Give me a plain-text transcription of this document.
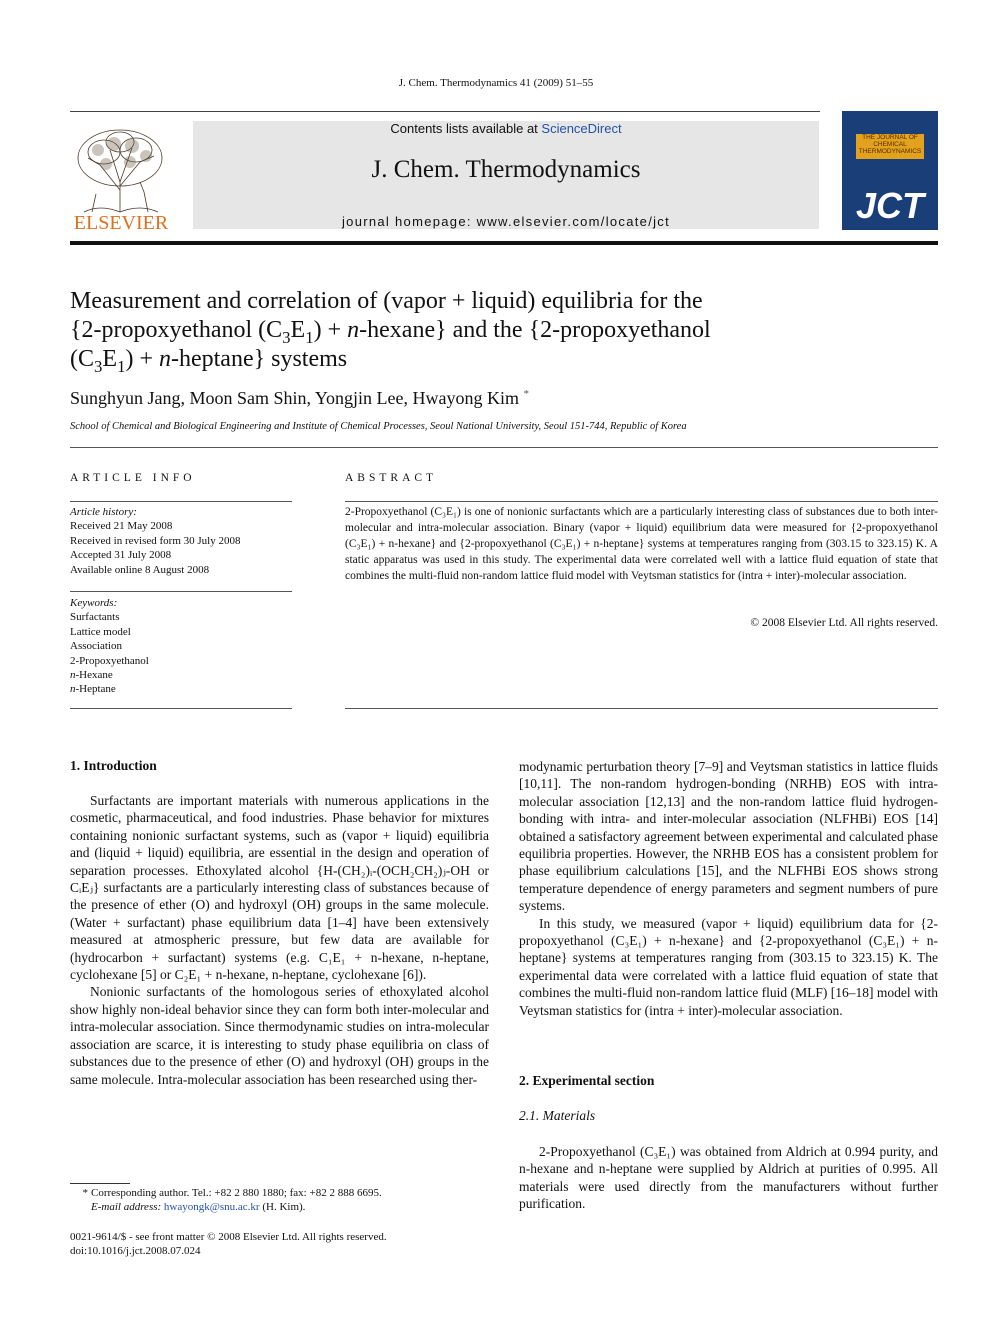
J. Chem. Thermodynamics 41 (2009) 51–55
ELSEVIER
Contents lists available at ScienceDirect
J. Chem. Thermodynamics
journal homepage: www.elsevier.com/locate/jct
THE JOURNAL OF CHEMICAL THERMODYNAMICS
JCT
Measurement and correlation of (vapor + liquid) equilibria for the
{2-propoxyethanol $(C_3E_1)$ + n-hexane} and the {2-propoxyethanol
$(C_3E_1) + n-heptane$} systems
Sunghyun Jang, Moon Sam Shin, Yongjin Lee, Hwayong Kim *
School of Chemical and Biological Engineering and Institute of Chemical Processes, Seoul National University, Seoul 151-744, Republic of Korea
ARTICLE INFO	ABSTRACT
Article history:
Received 21 May 2008
Received in revised form 30 July 2008
Accepted 31 July 2008
Available online 8 August 2008
Keywords:
Surfactants
Lattice model
Association
2-Propoxyethanol
n-Hexane
n-Heptane
2-Propoxyethanol (C₃E₁) is one of nonionic surfactants which are a particularly interesting class of substances due to both inter-molecular and intra-molecular association. Binary (vapor + liquid) equilibrium data were measured for {2-propoxyethanol (C₃E₁) + n-hexane} and {2-propoxyethanol (C₃E₁) + n-heptane} systems at temperatures ranging from (303.15 to 323.15) K. A static apparatus was used in this study. The experimental data were correlated well with a lattice fluid equation of state that combines the multi-fluid non-random lattice fluid model with Veytsman statistics for (intra + inter)-molecular association.
© 2008 Elsevier Ltd. All rights reserved.
1. Introduction

Surfactants are important materials with numerous applications in the cosmetic, pharmaceutical, and food industries. Phase behavior for mixtures containing nonionic surfactant systems, such as (vapor + liquid) equilibria and (liquid + liquid) equilibria, are essential in the design and operation of separation processes. Ethoxylated alcohol {H-(CH₂)ᵢ-(OCH₂CH₂)ⱼ-OH or CᵢEⱼ} surfactants are a particularly interesting class of substances because of the presence of ether (O) and hydroxyl (OH) groups in the same molecule. (Water + surfactant) phase equilibrium data [1–4] have been extensively measured at atmospheric pressure, but few data are available for (hydrocarbon + surfactant) systems (e.g. C₁E₁ + n-hexane, n-heptane, cyclohexane [5] or C₂E₁ + n-hexane, n-heptane, cyclohexane [6]).

Nonionic surfactants of the homologous series of ethoxylated alcohol show highly non-ideal behavior since they can form both inter-molecular and intra-molecular association. Since thermodynamic studies on intra-molecular association are scarce, it is interesting to study phase equilibria on class of substances due to the presence of ether (O) and hydroxyl (OH) groups in the same molecule. Intra-molecular association has been researched using ther-

modynamic perturbation theory [7–9] and Veytsman statistics in lattice fluids [10,11]. The non-random hydrogen-bonding (NRHB) EOS with intra-molecular association [12,13] and the non-random lattice fluid hydrogen-bonding with intra- and inter-molecular association (NLFHBi) EOS [14] obtained a satisfactory agreement between experimental and calculated phase equilibria properties. However, the NRHB EOS has a consistent problem for phase equilibrium calculations [15], and the NLFHBi EOS shows strong temperature dependence of energy parameters and segment numbers of pure systems.

In this study, we measured (vapor + liquid) equilibrium data for {2-propoxyethanol (C₃E₁) + n-hexane} and {2-propoxyethanol (C₃E₁) + n-heptane} systems at temperatures ranging from (303.15 to 323.15) K. The experimental data were correlated with a lattice fluid equation of state that combines the multi-fluid non-random lattice fluid (MLF) [16–18] model with Veytsman statistics for (intra + inter)-molecular association.

2. Experimental section
2.1. Materials

2-Propoxyethanol (C₃E₁) was obtained from Aldrich at 0.994 purity, and n-hexane and n-heptane were supplied by Aldrich at purities of 0.995. All materials were used directly from the manufacturers without further purification.

* Corresponding author. Tel.: +82 2 880 1880; fax: +82 2 888 6695.
E-mail address: hwayongk@snu.ac.kr (H. Kim).
0021-9614/$ - see front matter © 2008 Elsevier Ltd. All rights reserved.
doi:10.1016/j.jct.2008.07.024
